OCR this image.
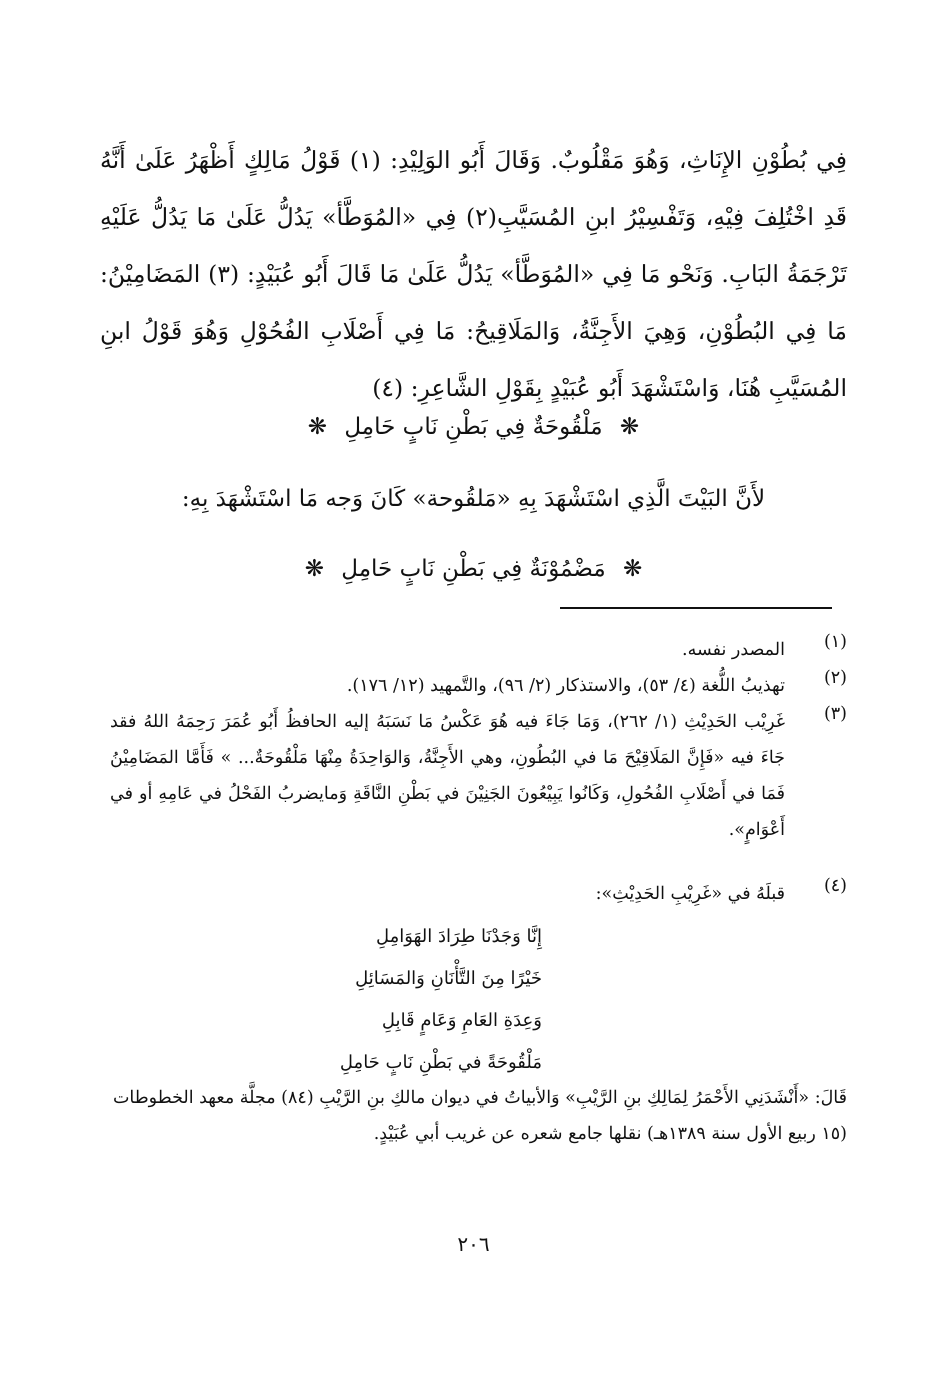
فِي بُطُوْنِ الإِنَاثِ، وَهُوَ مَقْلُوبٌ. وَقَالَ أَبُو الوَلِيْدِ: (١) قَوْلُ مَالِكٍ أَظْهَرُ عَلَىٰ أَنَّهُ قَدِ اخْتُلِفَ فِيْهِ، وَتَفْسِيْرُ ابنِ المُسَيَّبِ(٢) فِي «المُوَطَّأ» يَدُلُّ عَلَىٰ مَا يَدُلُّ عَلَيْهِ تَرْجَمَةُ البَابِ. وَنَحْو مَا فِي «المُوَطَّأ» يَدُلُّ عَلَىٰ مَا قَالَ أَبُو عُبَيْدٍ: (٣) المَضَامِيْنُ: مَا فِي البُطُوْنِ، وَهِيَ الأَجِنَّةُ، وَالمَلَاقِيحُ: مَا فِي أَصْلَابِ الفُحُوْلِ وَهُوَ قَوْلُ ابنِ المُسَيَّبِ هُنَا، وَاسْتَشْهَدَ أَبُو عُبَيْدٍ بِقَوْلِ الشَّاعِرِ: (٤)

❋ مَلْقُوحَةٌ فِي بَطْنِ نَابٍ حَامِلِ ❋
لأَنَّ البَيْتَ الَّذِي اسْتَشْهَدَ بِهِ «مَلقُوحة» كَانَ وَجه مَا اسْتَشْهَدَ بِهِ:
❋ مَضْمُوْنَةٌ فِي بَطْنِ نَابٍ حَامِلِ ❋
(١)
المصدر نفسه.
(٢)
تهذيبُ اللُّغة (٤/ ٥٣)، والاستذكار (٢/ ٩٦)، والتَّمهيد (١٢/ ١٧٦).
(٣)
غَرِيْب الحَدِيْثِ (١/ ٢٦٢)، وَمَا جَاءَ فيه هُوَ عَكْسُ مَا نَسَبَهُ إليه الحافظُ أَبُو عُمَرَ رَحِمَهُ اللهُ فقد جَاءَ فيه «فَإِنَّ المَلَاقِيْحَ مَا في البُطُونِ، وهي الأَجِنَّةُ، وَالوَاحِدَةُ مِنْهَا مَلْقُوحَةٌ... » فَأَمَّا المَضَامِيْنُ فَمَا في أَصْلَابِ الفُحُولِ، وَكَانُوا يَبِيْعُونَ الجَنِيْنَ في بَطْنِ النَّاقَةِ وَمايضربُ الفَحْلُ في عَامِهِ أو في أَعْوَامٍ».
(٤)
قبلَهُ في «غَرِيْبِ الحَدِيْثِ»:
إِنَّا وَجَدْنَا طِرَادَ الهَوَامِلِ
خَيْرًا مِنَ التَّأْنَانِ وَالمَسَائِلِ
وَعِدَةِ العَامِ وَعَامٍ قَابِلِ
مَلْقُوحَةً في بَطْنِ نَابٍ حَامِلِ
قَالَ: «أَنْشَدَنِي الأَحْمَرُ لِمَالِكِ بنِ الرَّيْبِ» وَالأبياتُ في ديوان مالكِ بنِ الرَّيْبِ (٨٤) مجلَّة معهد الخطوطات (١٥ ربيع الأول سنة ١٣٨٩هـ) نقلها جامع شعره عن غريب أبي عُبَيْدٍ.
٢٠٦
